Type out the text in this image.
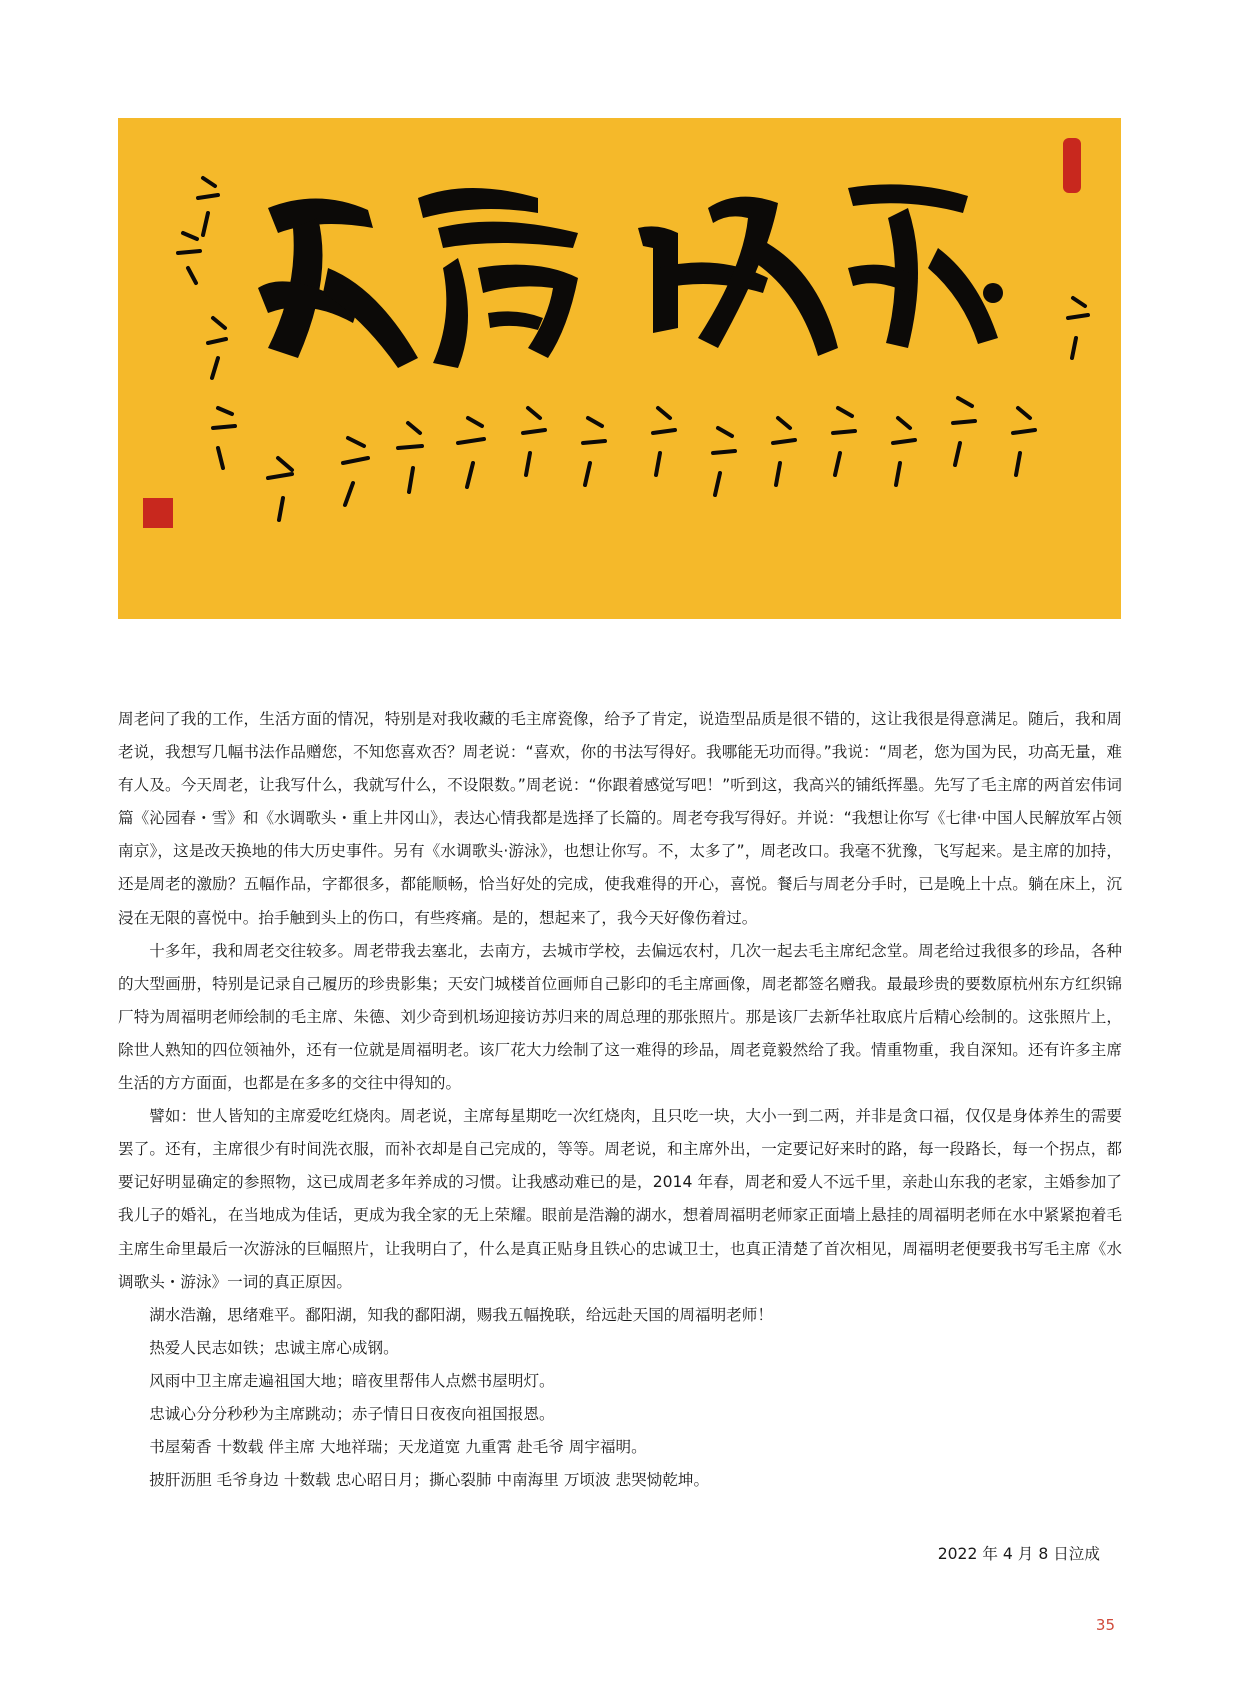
周老问了我的工作，生活方面的情况，特别是对我收藏的毛主席瓷像，给予了肯定，说造型品质是很不错的，这让我很是得意满足。随后，我和周老说，我想写几幅书法作品赠您，不知您喜欢否？周老说：“喜欢，你的书法写得好。我哪能无功而得。”我说：“周老，您为国为民，功高无量，难有人及。今天周老，让我写什么，我就写什么，不设限数。”周老说：“你跟着感觉写吧！”听到这，我高兴的铺纸挥墨。先写了毛主席的两首宏伟词篇《沁园春・雪》和《水调歌头・重上井冈山》，表达心情我都是选择了长篇的。周老夸我写得好。并说：“我想让你写《七律·中国人民解放军占领南京》，这是改天换地的伟大历史事件。另有《水调歌头·游泳》，也想让你写。不，太多了”，周老改口。我毫不犹豫，飞写起来。是主席的加持，还是周老的激励？五幅作品，字都很多，都能顺畅，恰当好处的完成，使我难得的开心，喜悦。餐后与周老分手时，已是晚上十点。躺在床上，沉浸在无限的喜悦中。抬手触到头上的伤口，有些疼痛。是的，想起来了，我今天好像伤着过。

十多年，我和周老交往较多。周老带我去塞北，去南方，去城市学校，去偏远农村，几次一起去毛主席纪念堂。周老给过我很多的珍品，各种的大型画册，特别是记录自己履历的珍贵影集；天安门城楼首位画师自己影印的毛主席画像，周老都签名赠我。最最珍贵的要数原杭州东方红织锦厂特为周福明老师绘制的毛主席、朱德、刘少奇到机场迎接访苏归来的周总理的那张照片。那是该厂去新华社取底片后精心绘制的。这张照片上，除世人熟知的四位领袖外，还有一位就是周福明老。该厂花大力绘制了这一难得的珍品，周老竟毅然给了我。情重物重，我自深知。还有许多主席生活的方方面面，也都是在多多的交往中得知的。

譬如：世人皆知的主席爱吃红烧肉。周老说，主席每星期吃一次红烧肉，且只吃一块，大小一到二两，并非是贪口福，仅仅是身体养生的需要罢了。还有，主席很少有时间洗衣服，而补衣却是自己完成的，等等。周老说，和主席外出，一定要记好来时的路，每一段路长，每一个拐点，都要记好明显确定的参照物，这已成周老多年养成的习惯。让我感动难已的是，2014 年春，周老和爱人不远千里，亲赴山东我的老家，主婚参加了我儿子的婚礼，在当地成为佳话，更成为我全家的无上荣耀。眼前是浩瀚的湖水，想着周福明老师家正面墙上悬挂的周福明老师在水中紧紧抱着毛主席生命里最后一次游泳的巨幅照片，让我明白了，什么是真正贴身且铁心的忠诚卫士，也真正清楚了首次相见，周福明老便要我书写毛主席《水调歌头・游泳》一词的真正原因。

湖水浩瀚，思绪难平。鄱阳湖，知我的鄱阳湖，赐我五幅挽联，给远赴天国的周福明老师！

热爱人民志如铁；忠诚主席心成钢。

风雨中卫主席走遍祖国大地；暗夜里帮伟人点燃书屋明灯。

忠诚心分分秒秒为主席跳动；赤子情日日夜夜向祖国报恩。

书屋菊香 十数载 伴主席 大地祥瑞；天龙道宽 九重霄 赴毛爷 周宇福明。

披肝沥胆 毛爷身边 十数载 忠心昭日月；撕心裂肺 中南海里 万顷波 悲哭恸乾坤。

2022 年 4 月 8 日泣成
35
